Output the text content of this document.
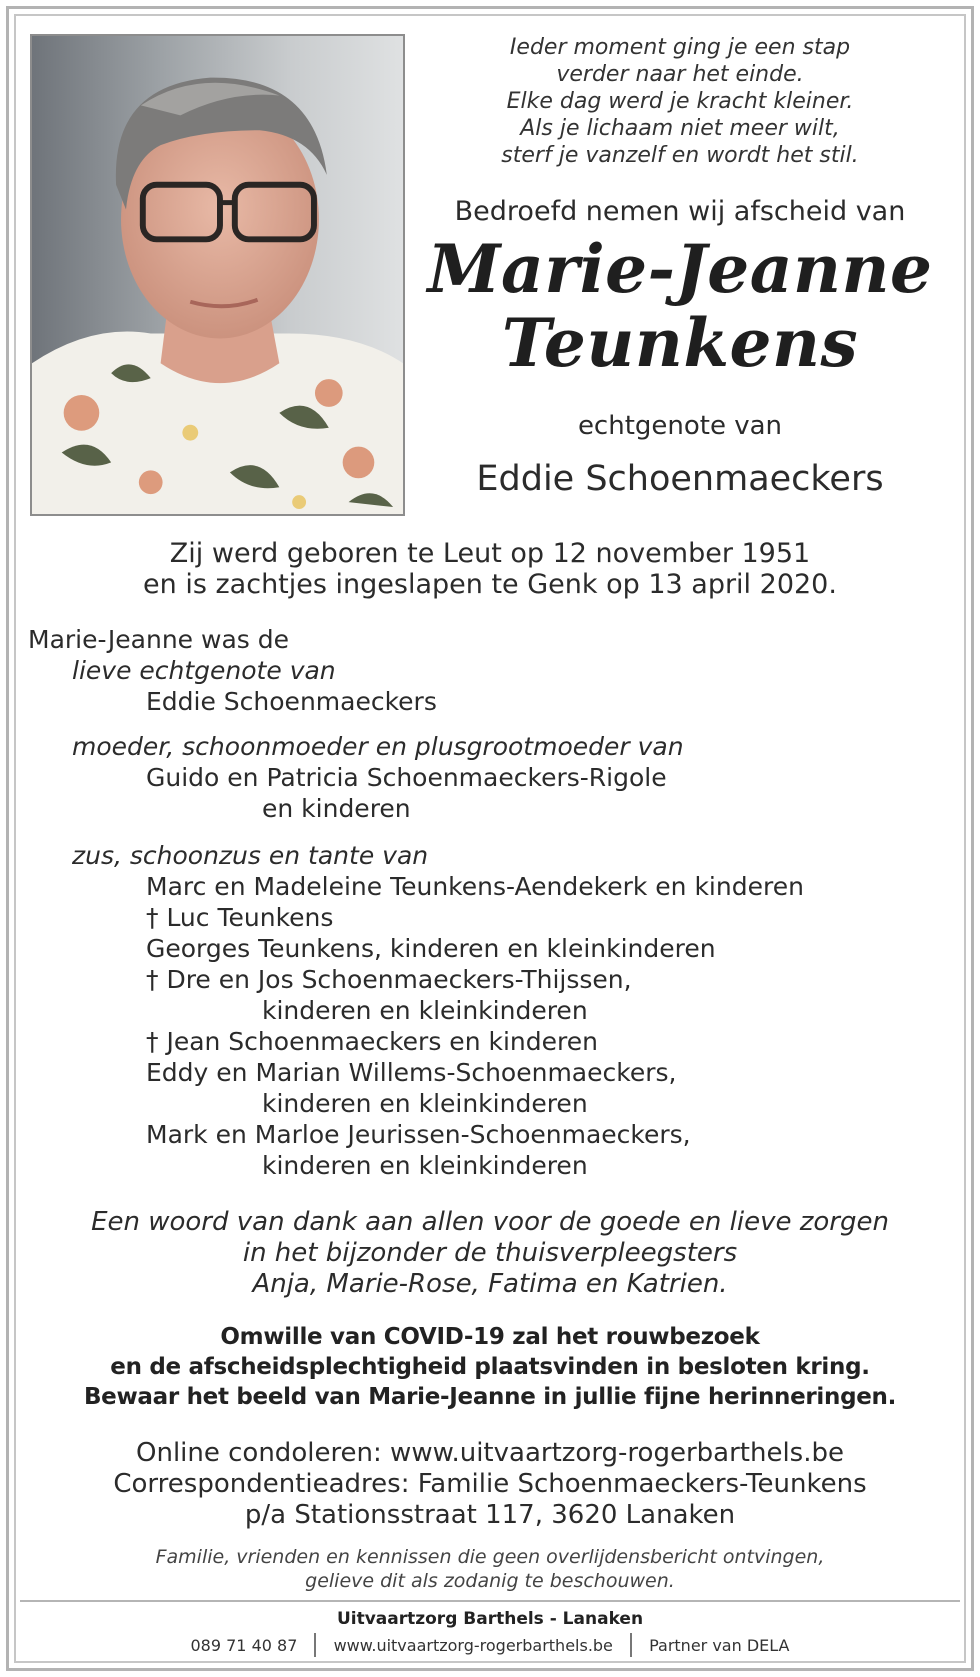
Ieder moment ging je een stap
verder naar het einde.
Elke dag werd je kracht kleiner.
Als je lichaam niet meer wilt,
sterf je vanzelf en wordt het stil.
Bedroefd nemen wij afscheid van
Marie-Jeanne
Teunkens
echtgenote van
Eddie Schoenmaeckers
Zij werd geboren te Leut op 12 november 1951
en is zachtjes ingeslapen te Genk op 13 april 2020.
Marie-Jeanne was de
lieve echtgenote van
Eddie Schoenmaeckers
moeder, schoonmoeder en plusgrootmoeder van
Guido en Patricia Schoenmaeckers-Rigole
en kinderen
zus, schoonzus en tante van
Marc en Madeleine Teunkens-Aendekerk en kinderen
† Luc Teunkens
Georges Teunkens, kinderen en kleinkinderen
† Dre en Jos Schoenmaeckers-Thijssen,
kinderen en kleinkinderen
† Jean Schoenmaeckers en kinderen
Eddy en Marian Willems-Schoenmaeckers,
kinderen en kleinkinderen
Mark en Marloe Jeurissen-Schoenmaeckers,
kinderen en kleinkinderen
Een woord van dank aan allen voor de goede en lieve zorgen
in het bijzonder de thuisverpleegsters
Anja, Marie-Rose, Fatima en Katrien.
Omwille van COVID-19 zal het rouwbezoek
en de afscheidsplechtigheid plaatsvinden in besloten kring.
Bewaar het beeld van Marie-Jeanne in jullie fijne herinneringen.
Online condoleren: www.uitvaartzorg-rogerbarthels.be
Correspondentieadres: Familie Schoenmaeckers-Teunkens
p/a Stationsstraat 117, 3620 Lanaken
Familie, vrienden en kennissen die geen overlijdensbericht ontvingen,
gelieve dit als zodanig te beschouwen.
Uitvaartzorg Barthels - Lanaken
089 71 40 87 www.uitvaartzorg-rogerbarthels.be Partner van DELA
